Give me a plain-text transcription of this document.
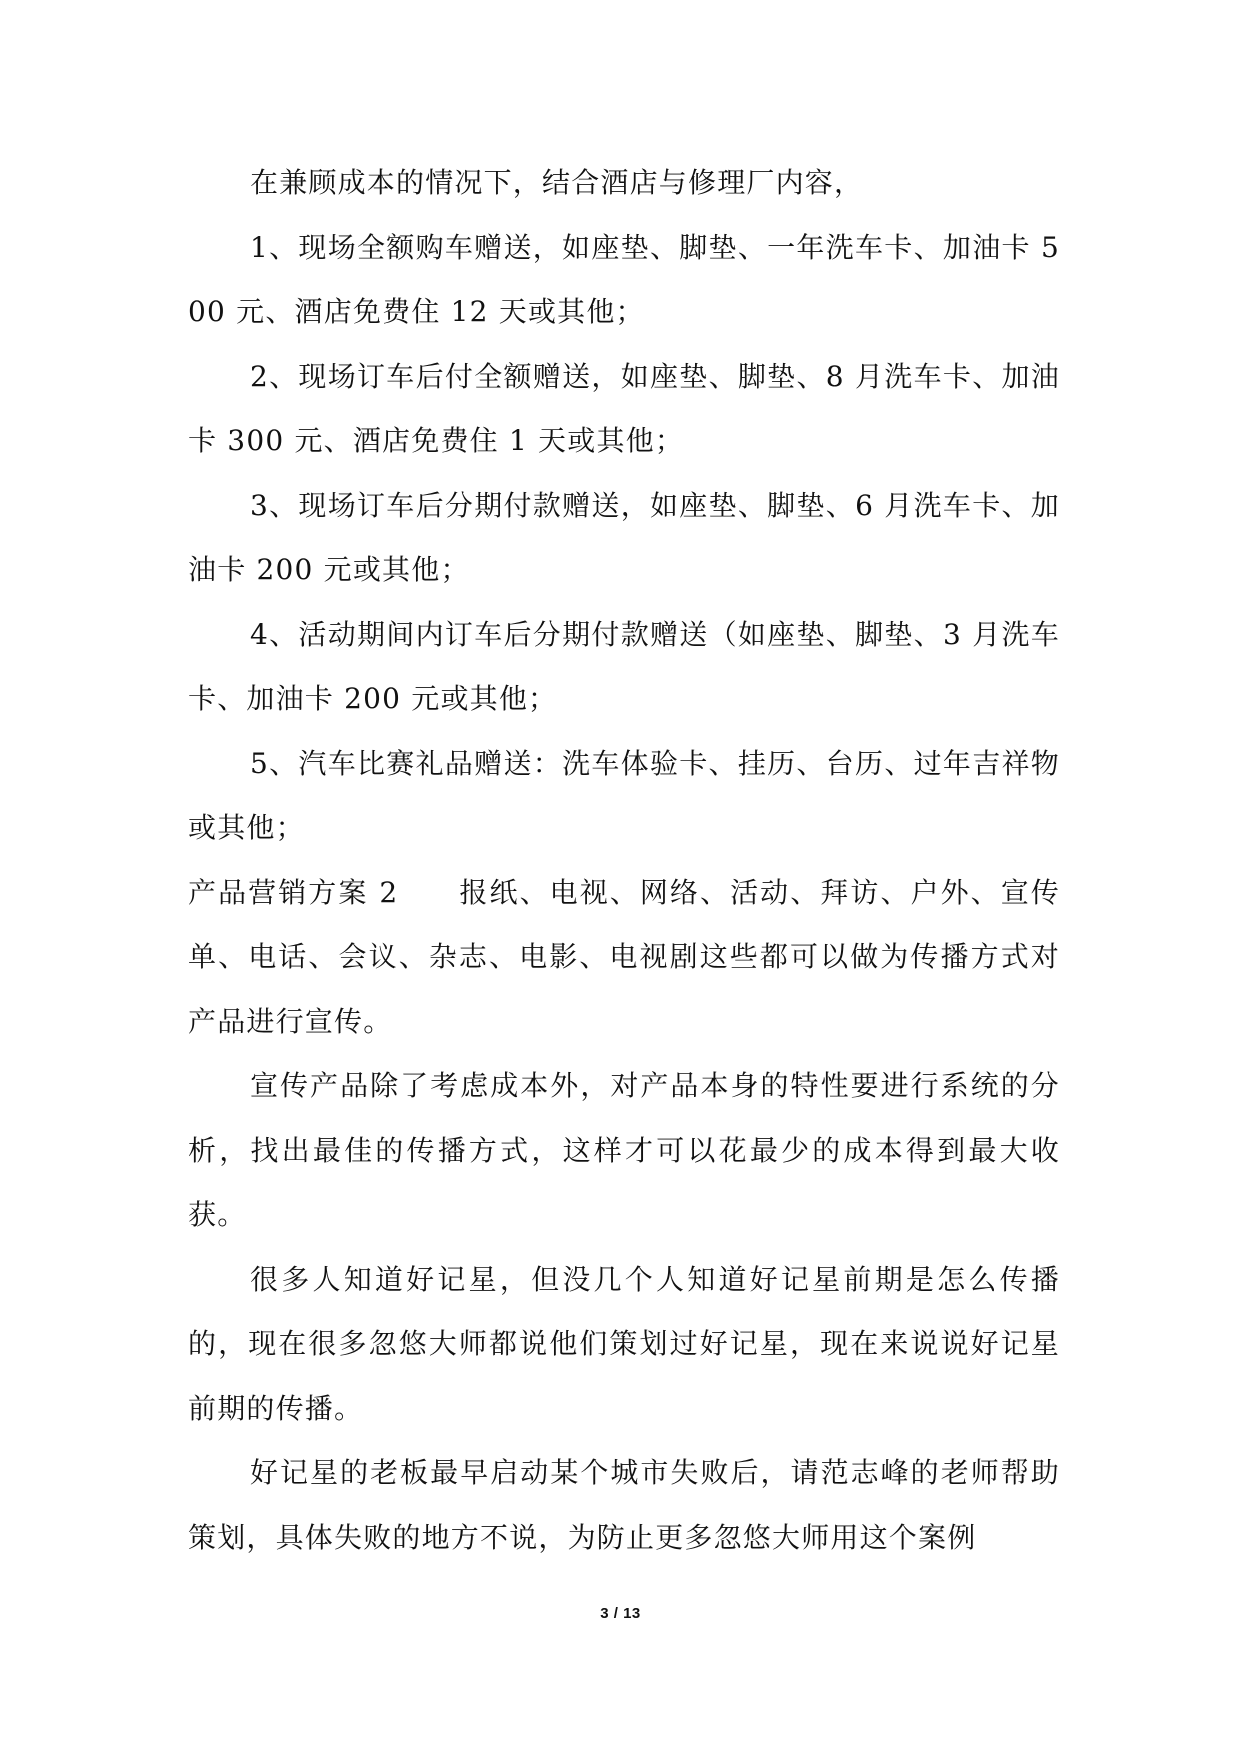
在兼顾成本的情况下，结合酒店与修理厂内容，

1、现场全额购车赠送，如座垫、脚垫、一年洗车卡、加油卡 500 元、酒店免费住 12 天或其他；

2、现场订车后付全额赠送，如座垫、脚垫、8 月洗车卡、加油卡 300 元、酒店免费住 1 天或其他；

3、现场订车后分期付款赠送，如座垫、脚垫、6 月洗车卡、加油卡 200 元或其他；

4、活动期间内订车后分期付款赠送（如座垫、脚垫、3 月洗车卡、加油卡 200 元或其他；

5、汽车比赛礼品赠送：洗车体验卡、挂历、台历、过年吉祥物或其他；

产品营销方案 2　　报纸、电视、网络、活动、拜访、户外、宣传单、电话、会议、杂志、电影、电视剧这些都可以做为传播方式对产品进行宣传。

宣传产品除了考虑成本外，对产品本身的特性要进行系统的分析，找出最佳的传播方式，这样才可以花最少的成本得到最大收获。

很多人知道好记星，但没几个人知道好记星前期是怎么传播的，现在很多忽悠大师都说他们策划过好记星，现在来说说好记星前期的传播。

好记星的老板最早启动某个城市失败后，请范志峰的老师帮助策划，具体失败的地方不说，为防止更多忽悠大师用这个案例

3 / 13
